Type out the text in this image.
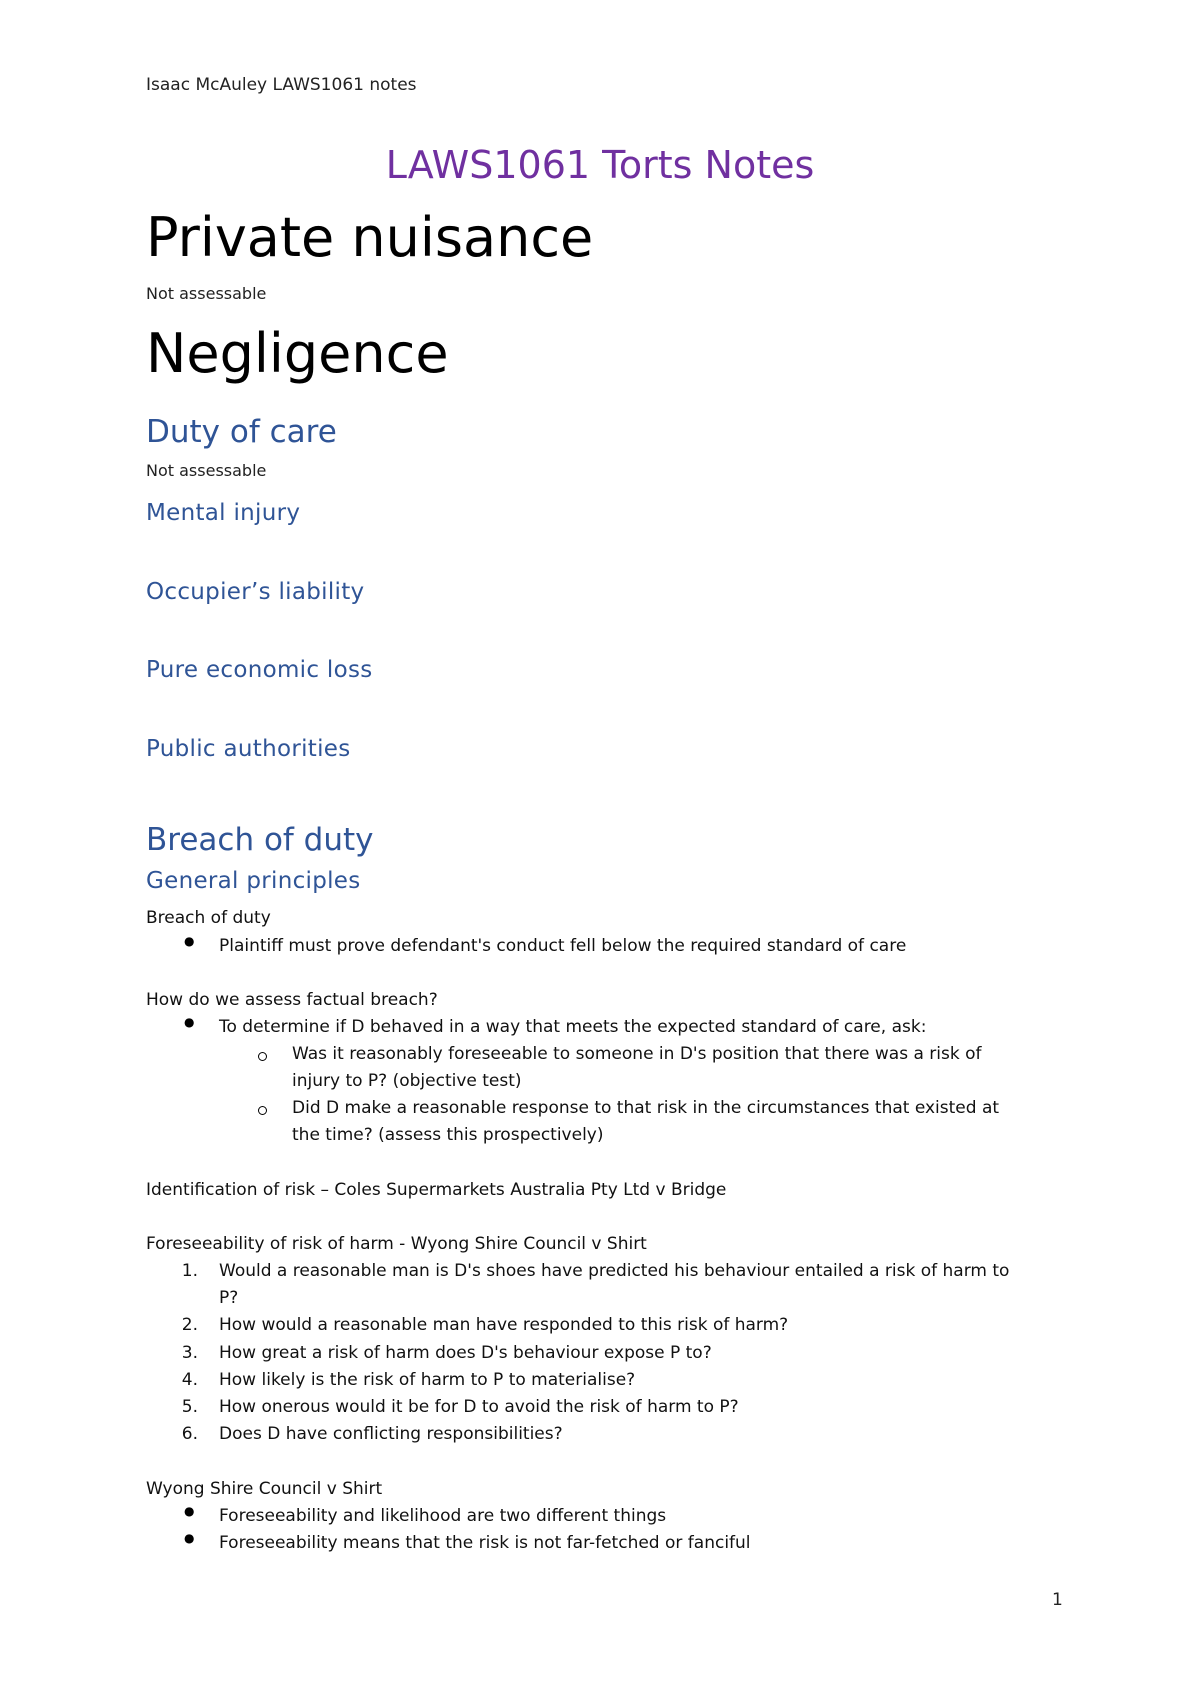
Isaac McAuley LAWS1061 notes

LAWS1061 Torts Notes

Private nuisance

Not assessable

Negligence

Duty of care

Not assessable

Mental injury

Occupier’s liability

Pure economic loss

Public authorities

Breach of duty

General principles

Breach of duty

● Plaintiff must prove defendant's conduct fell below the required standard of care

How do we assess factual breach?

● To determine if D behaved in a way that meets the expected standard of care, ask:

Was it reasonably foreseeable to someone in D's position that there was a risk of

injury to P? (objective test)

Did D make a reasonable response to that risk in the circumstances that existed at

the time? (assess this prospectively)

Identification of risk – Coles Supermarkets Australia Pty Ltd v Bridge

Foreseeability of risk of harm - Wyong Shire Council v Shirt

1. Would a reasonable man is D's shoes have predicted his behaviour entailed a risk of harm to

P?

2. How would a reasonable man have responded to this risk of harm?

3. How great a risk of harm does D's behaviour expose P to?

4. How likely is the risk of harm to P to materialise?

5. How onerous would it be for D to avoid the risk of harm to P?

6. Does D have conflicting responsibilities?

Wyong Shire Council v Shirt

● Foreseeability and likelihood are two different things

● Foreseeability means that the risk is not far-fetched or fanciful

1
